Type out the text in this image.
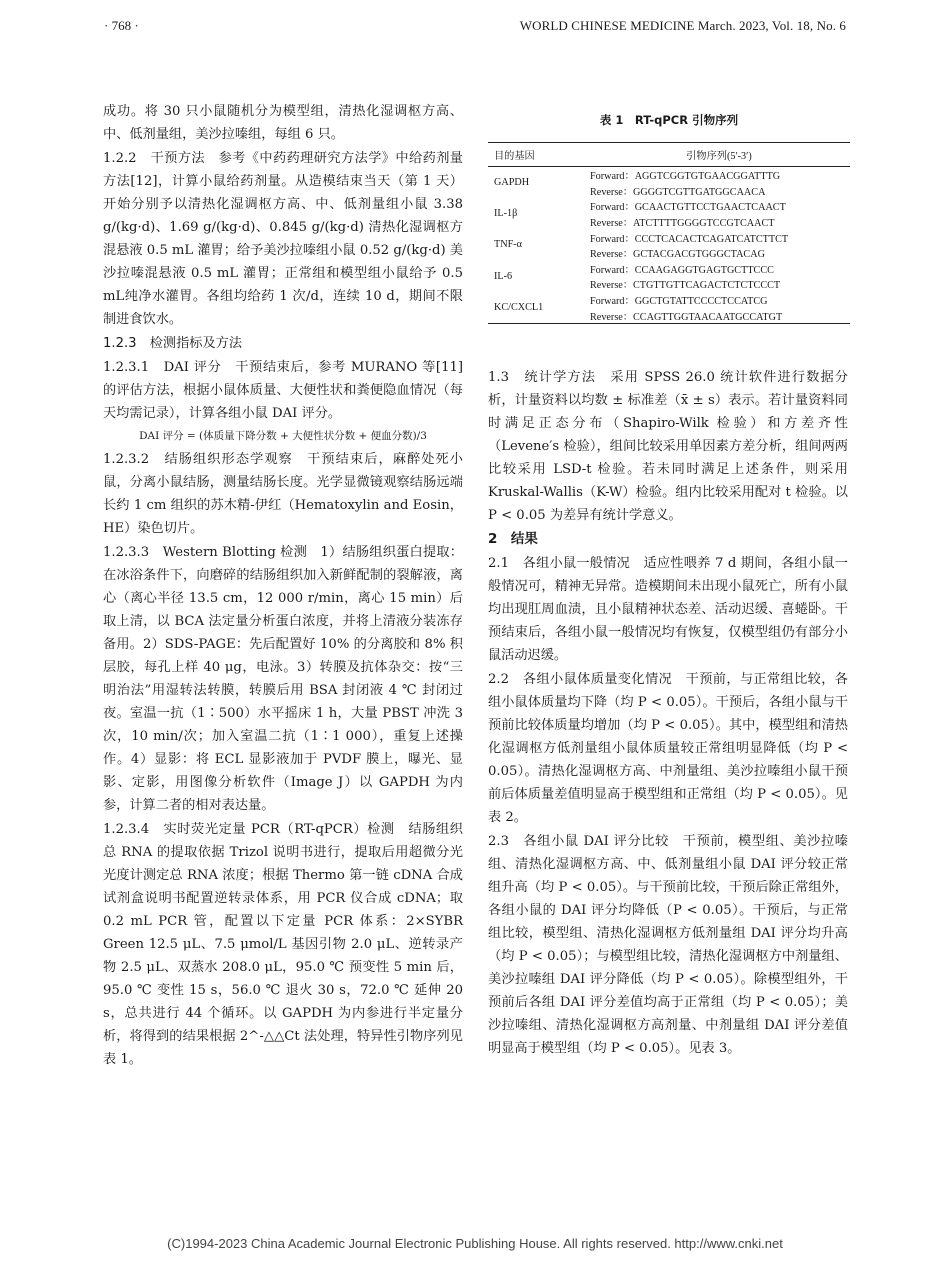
· 768 ·	WORLD CHINESE MEDICINE March. 2023, Vol. 18, No. 6

成功。将 30 只小鼠随机分为模型组，清热化湿调枢方高、中、低剂量组，美沙拉嗪组，每组 6 只。

1.2.2　干预方法　参考《中药药理研究方法学》中给药剂量方法[12]，计算小鼠给药剂量。从造模结束当天（第 1 天）开始分别予以清热化湿调枢方高、中、低剂量组小鼠 3.38 g/(kg·d)、1.69 g/(kg·d)、0.845 g/(kg·d) 清热化湿调枢方混悬液 0.5 mL 灌胃；给予美沙拉嗪组小鼠 0.52 g/(kg·d) 美沙拉嗪混悬液 0.5 mL 灌胃；正常组和模型组小鼠给予 0.5 mL纯净水灌胃。各组均给药 1 次/d，连续 10 d，期间不限制进食饮水。

1.2.3　检测指标及方法

1.2.3.1　DAI 评分　干预结束后，参考 MURANO 等[11] 的评估方法，根据小鼠体质量、大便性状和粪便隐血情况（每天均需记录），计算各组小鼠 DAI 评分。

DAI 评分 = (体质量下降分数 + 大便性状分数 + 便血分数)/3

1.2.3.2　结肠组织形态学观察　干预结束后，麻醉处死小鼠，分离小鼠结肠，测量结肠长度。光学显微镜观察结肠远端长约 1 cm 组织的苏木精-伊红（Hematoxylin and Eosin，HE）染色切片。

1.2.3.3　Western Blotting 检测　1）结肠组织蛋白提取：在冰浴条件下，向磨碎的结肠组织加入新鲜配制的裂解液，离心（离心半径 13.5 cm，12 000 r/min，离心 15 min）后取上清，以 BCA 法定量分析蛋白浓度，并将上清液分装冻存备用。2）SDS-PAGE：先后配置好 10% 的分离胶和 8% 积层胶，每孔上样 40 μg，电泳。3）转膜及抗体杂交：按“三明治法”用湿转法转膜，转膜后用 BSA 封闭液 4 ℃ 封闭过夜。室温一抗（1∶500）水平摇床 1 h，大量 PBST 冲洗 3 次，10 min/次；加入室温二抗（1∶1 000），重复上述操作。4）显影：将 ECL 显影液加于 PVDF 膜上，曝光、显影、定影，用图像分析软件（Image J）以 GAPDH 为内参，计算二者的相对表达量。

1.2.3.4　实时荧光定量 PCR（RT-qPCR）检测　结肠组织总 RNA 的提取依据 Trizol 说明书进行，提取后用超微分光光度计测定总 RNA 浓度；根据 Thermo 第一链 cDNA 合成试剂盒说明书配置逆转录体系，用 PCR 仪合成 cDNA；取 0.2 mL PCR 管，配置以下定量 PCR 体系：2×SYBR Green 12.5 μL、7.5 μmol/L 基因引物 2.0 μL、逆转录产物 2.5 μL、双蒸水 208.0 μL，95.0 ℃ 预变性 5 min 后，95.0 ℃ 变性 15 s，56.0 ℃ 退火 30 s，72.0 ℃ 延伸 20 s，总共进行 44 个循环。以 GAPDH 为内参进行半定量分析，将得到的结果根据 2^-△△Ct 法处理，特异性引物序列见表 1。

表 1　RT-qPCR 引物序列
目的基因	引物序列(5′-3′)
GAPDH	Forward：AGGTCGGTGTGAACGGATTTG
	Reverse：GGGGTCGTTGATGGCAACA
IL-1β	Forward：GCAACTGTTCCTGAACTCAACT
	Reverse：ATCTTTTGGGGTCCGTCAACT
TNF-α	Forward：CCCTCACACTCAGATCATCTTCT
	Reverse：GCTACGACGTGGGCTACAG
IL-6	Forward：CCAAGAGGTGAGTGCTTCCC
	Reverse：CTGTTGTTCAGACTCTCTCCCT
KC/CXCL1	Forward：GGCTGTATTCCCCTCCATCG
	Reverse：CCAGTTGGTAACAATGCCATGT

1.3　统计学方法　采用 SPSS 26.0 统计软件进行数据分析，计量资料以均数 ± 标准差（x̄ ± s）表示。若计量资料同时满足正态分布（Shapiro-Wilk 检验）和方差齐性（Levene′s 检验），组间比较采用单因素方差分析，组间两两比较采用 LSD-t 检验。若未同时满足上述条件，则采用 Kruskal-Wallis（K-W）检验。组内比较采用配对 t 检验。以 P < 0.05 为差异有统计学意义。

2　结果

2.1　各组小鼠一般情况　适应性喂养 7 d 期间，各组小鼠一般情况可，精神无异常。造模期间未出现小鼠死亡，所有小鼠均出现肛周血渍，且小鼠精神状态差、活动迟缓、喜蜷卧。干预结束后，各组小鼠一般情况均有恢复，仅模型组仍有部分小鼠活动迟缓。

2.2　各组小鼠体质量变化情况　干预前，与正常组比较，各组小鼠体质量均下降（均 P < 0.05）。干预后，各组小鼠与干预前比较体质量均增加（均 P < 0.05）。其中，模型组和清热化湿调枢方低剂量组小鼠体质量较正常组明显降低（均 P < 0.05）。清热化湿调枢方高、中剂量组、美沙拉嗪组小鼠干预前后体质量差值明显高于模型组和正常组（均 P < 0.05）。见表 2。

2.3　各组小鼠 DAI 评分比较　干预前，模型组、美沙拉嗪组、清热化湿调枢方高、中、低剂量组小鼠 DAI 评分较正常组升高（均 P < 0.05）。与干预前比较，干预后除正常组外，各组小鼠的 DAI 评分均降低（P < 0.05）。干预后，与正常组比较，模型组、清热化湿调枢方低剂量组 DAI 评分均升高（均 P < 0.05）；与模型组比较，清热化湿调枢方中剂量组、美沙拉嗪组 DAI 评分降低（均 P < 0.05）。除模型组外，干预前后各组 DAI 评分差值均高于正常组（均 P < 0.05）；美沙拉嗪组、清热化湿调枢方高剂量、中剂量组 DAI 评分差值明显高于模型组（均 P < 0.05）。见表 3。

(C)1994-2023 China Academic Journal Electronic Publishing House. All rights reserved. http://www.cnki.net
